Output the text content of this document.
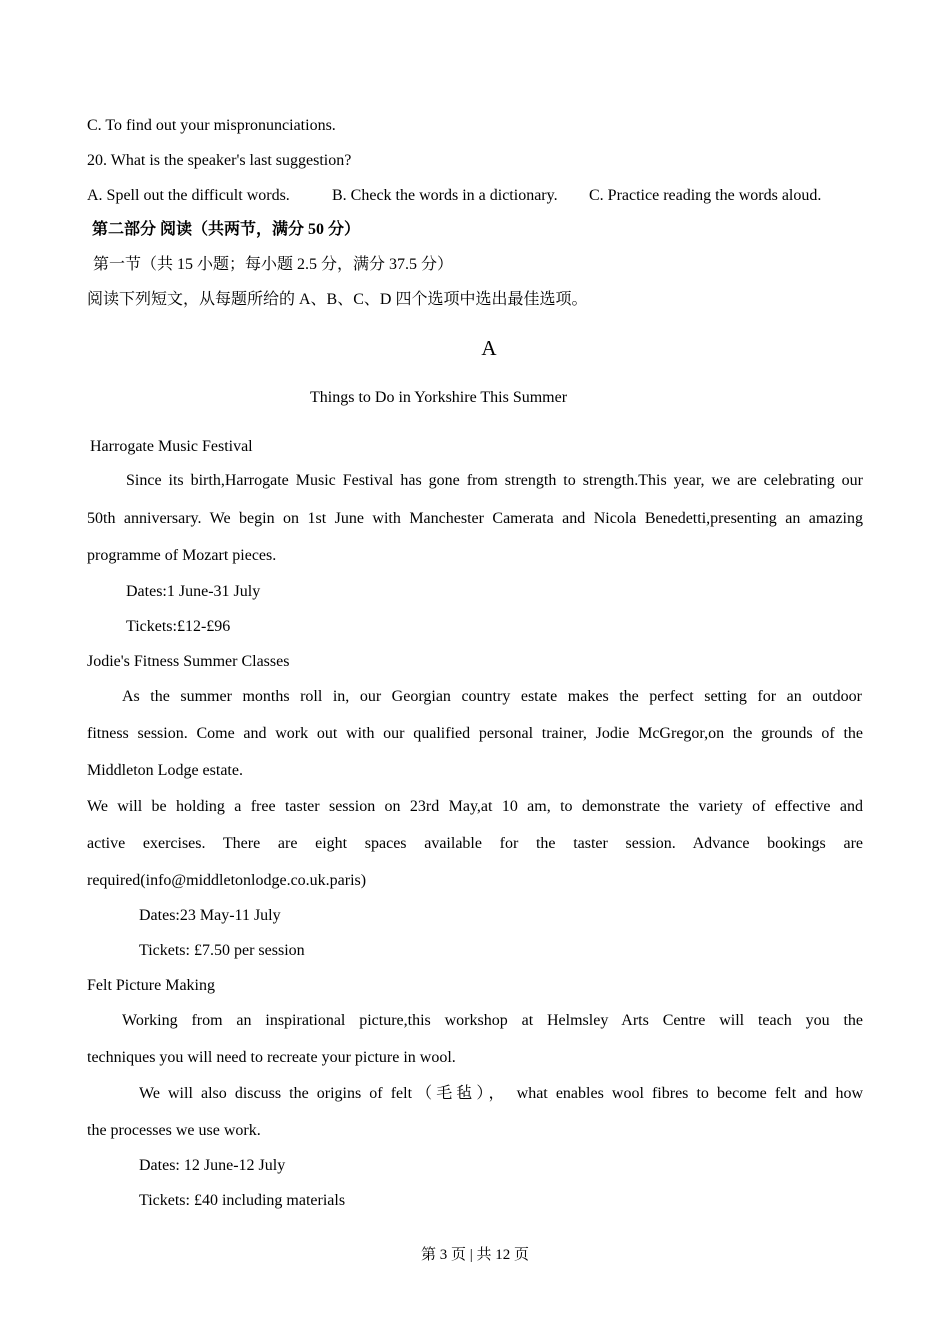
C. To find out your mispronunciations.
20. What is the speaker's last suggestion?
A. Spell out the difficult words.	B. Check the words in a dictionary. C. Practice reading the words aloud.
第二部分 阅读（共两节，满分 50 分）
第一节（共 15 小题；每小题 2.5 分，满分 37.5 分）
阅读下列短文，从每题所给的 A、B、C、D 四个选项中选出最佳选项。
A
Things to Do in Yorkshire This Summer
Harrogate Music Festival
Since its birth,Harrogate Music Festival has gone from strength to strength.This year, we are celebrating our
50th anniversary. We begin on 1st June with Manchester Camerata and Nicola Benedetti,presenting an amazing
programme of Mozart pieces.
Dates:1 June-31 July
Tickets:£12-£96
Jodie's Fitness Summer Classes
As the summer months roll in, our Georgian country estate makes the perfect setting for an outdoor
fitness session. Come and work out with our qualified personal trainer, Jodie McGregor,on the grounds of the
Middleton Lodge estate.
We will be holding a free taster session on 23rd May,at 10 am, to demonstrate the variety of effective and
active exercises. There are eight spaces available for the taster session. Advance bookings are
required(info@middletonlodge.co.uk.paris)
Dates:23 May-11 July
Tickets: £7.50 per session
Felt Picture Making
Working from an inspirational picture,this workshop at Helmsley Arts Centre will teach you the
techniques you will need to recreate your picture in wool.
We will also discuss the origins of felt（毛毡）， what enables wool fibres to become felt and how
the processes we use work.
Dates: 12 June-12 July
Tickets: £40 including materials
第 3 页 | 共 12 页
